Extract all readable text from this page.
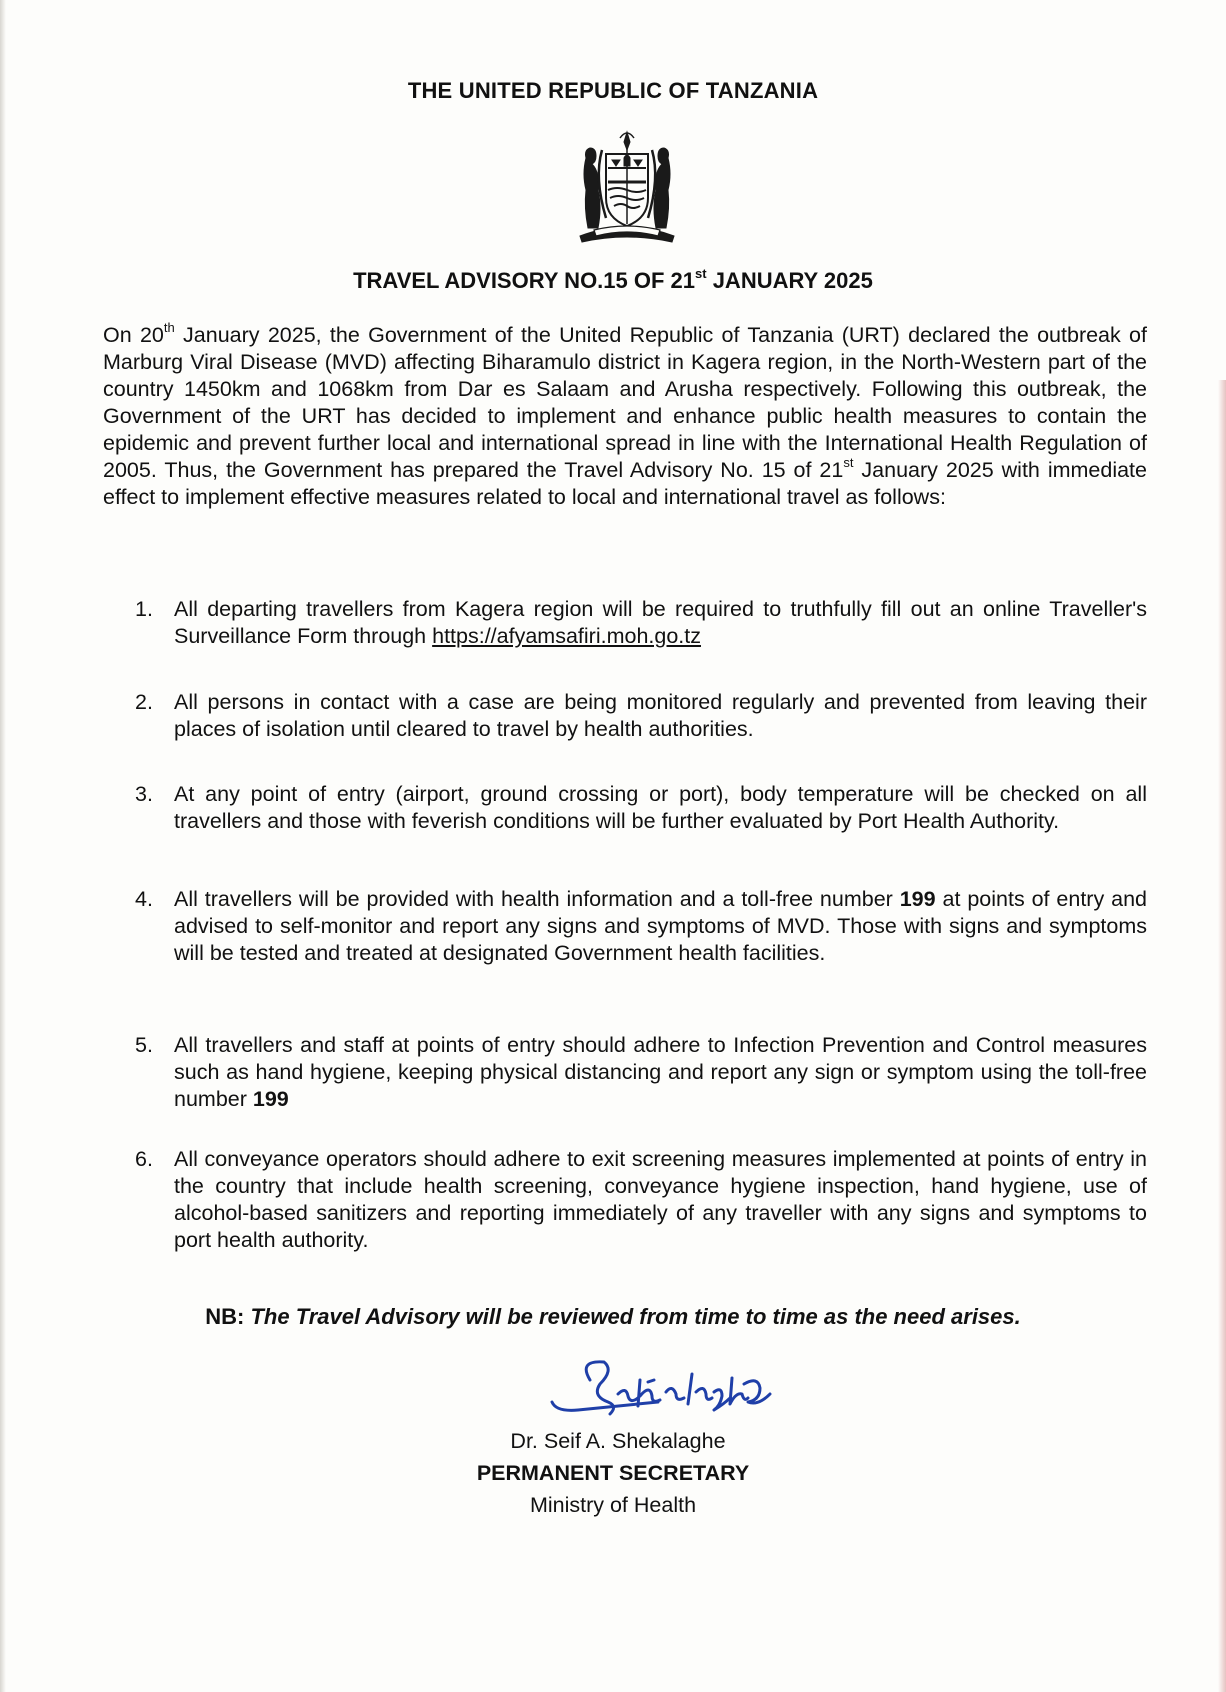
THE UNITED REPUBLIC OF TANZANIA
TRAVEL ADVISORY NO.15 OF 21st JANUARY 2025

On 20th January 2025, the Government of the United Republic of Tanzania (URT) declared the outbreak of Marburg Viral Disease (MVD) affecting Biharamulo district in Kagera region, in the North-Western part of the country 1450km and 1068km from Dar es Salaam and Arusha respectively. Following this outbreak, the Government of the URT has decided to implement and enhance public health measures to contain the epidemic and prevent further local and international spread in line with the International Health Regulation of 2005. Thus, the Government has prepared the Travel Advisory No. 15 of 21st January 2025 with immediate effect to implement effective measures related to local and international travel as follows:

1. All departing travellers from Kagera region will be required to truthfully fill out an online Traveller's Surveillance Form through https://afyamsafiri.moh.go.tz
2. All persons in contact with a case are being monitored regularly and prevented from leaving their places of isolation until cleared to travel by health authorities.
3. At any point of entry (airport, ground crossing or port), body temperature will be checked on all travellers and those with feverish conditions will be further evaluated by Port Health Authority.
4. All travellers will be provided with health information and a toll-free number 199 at points of entry and advised to self-monitor and report any signs and symptoms of MVD. Those with signs and symptoms will be tested and treated at designated Government health facilities.
5. All travellers and staff at points of entry should adhere to Infection Prevention and Control measures such as hand hygiene, keeping physical distancing and report any sign or symptom using the toll-free number 199
6. All conveyance operators should adhere to exit screening measures implemented at points of entry in the country that include health screening, conveyance hygiene inspection, hand hygiene, use of alcohol-based sanitizers and reporting immediately of any traveller with any signs and symptoms to port health authority.
NB: The Travel Advisory will be reviewed from time to time as the need arises.
Dr. Seif A. Shekalaghe
PERMANENT SECRETARY
Ministry of Health
